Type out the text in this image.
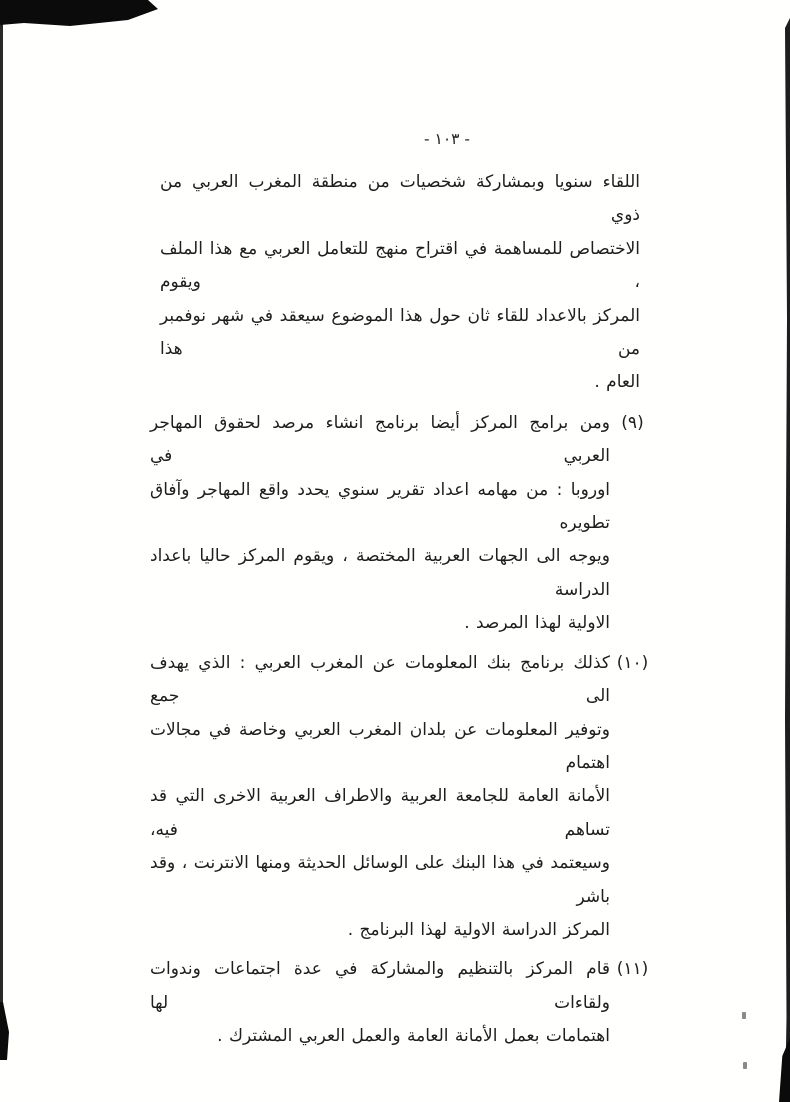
- ١٠٣ -
اللقاء سنويا وبمشاركة شخصيات من منطقة المغرب العربي من ذوي
الاختصاص للمساهمة في اقتراح منهج للتعامل العربي مع هذا الملف ، ويقوم
المركز بالاعداد للقاء ثان حول هذا الموضوع سيعقد في شهر نوفمبر من هذا
العام .
(٩)
ومن برامج المركز أيضا برنامج انشاء مرصد لحقوق المهاجر العربي في
اوروبا : من مهامه اعداد تقرير سنوي يحدد واقع المهاجر وآفاق تطويره
ويوجه الى الجهات العربية المختصة ، ويقوم المركز حاليا باعداد الدراسة
الاولية لهذا المرصد .
(١٠)
كذلك برنامج بنك المعلومات عن المغرب العربي : الذي يهدف الى جمع
وتوفير المعلومات عن بلدان المغرب العربي وخاصة في مجالات اهتمام
الأمانة العامة للجامعة العربية والاطراف العربية الاخرى التي قد تساهم فيه،
وسيعتمد في هذا البنك على الوسائل الحديثة ومنها الانترنت ، وقد باشر
المركز الدراسة الاولية لهذا البرنامج .
(١١)
قام المركز بالتنظيم والمشاركة في عدة اجتماعات وندوات ولقاءات لها
اهتمامات بعمل الأمانة العامة والعمل العربي المشترك .
